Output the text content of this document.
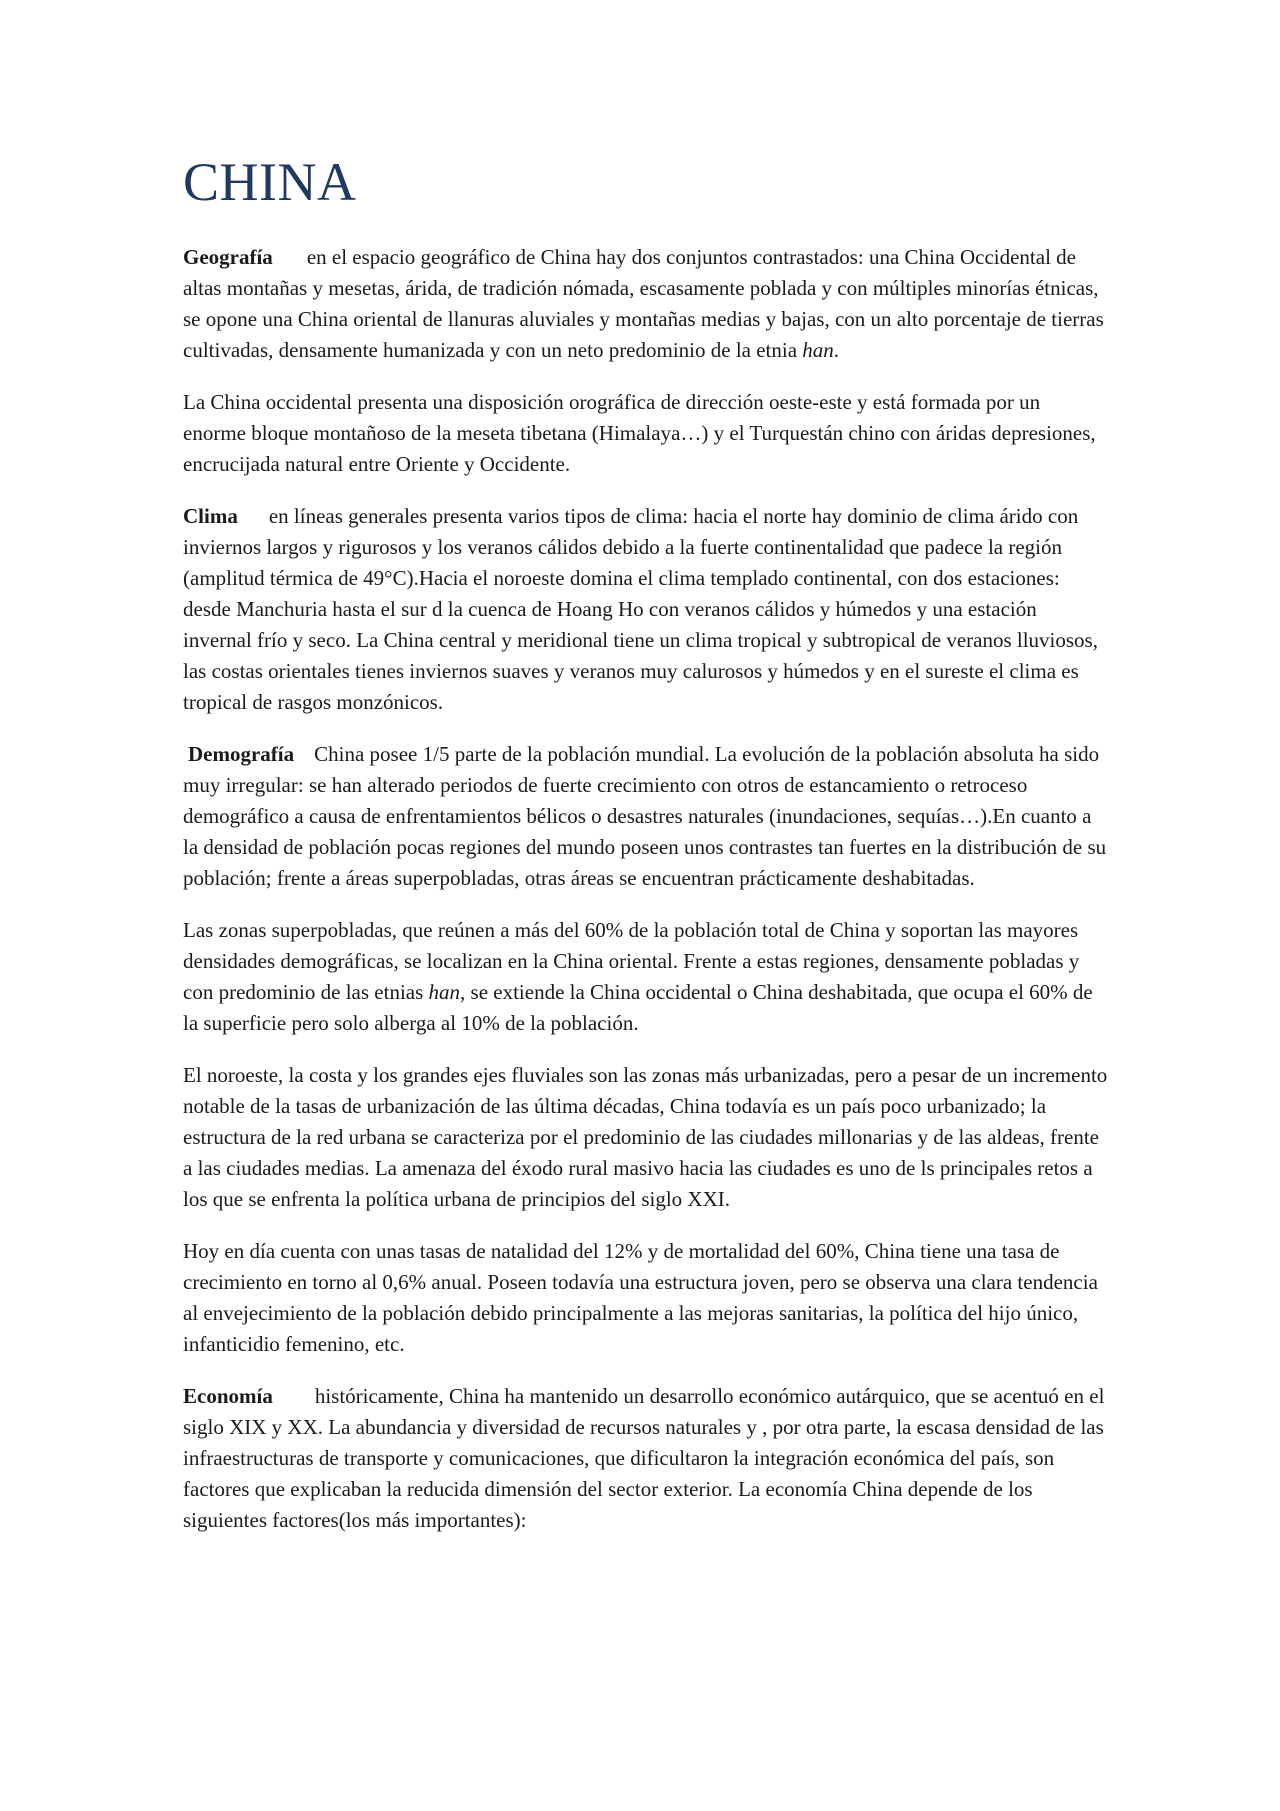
CHINA

Geografía en el espacio geográfico de China hay dos conjuntos contrastados: una China Occidental de altas montañas y mesetas, árida, de tradición nómada, escasamente poblada y con múltiples minorías étnicas, se opone una China oriental de llanuras aluviales y montañas medias y bajas, con un alto porcentaje de tierras cultivadas, densamente humanizada y con un neto predominio de la etnia han.

La China occidental presenta una disposición orográfica de dirección oeste-este y está formada por un enorme bloque montañoso de la meseta tibetana (Himalaya…) y el Turquestán chino con áridas depresiones, encrucijada natural entre Oriente y Occidente.

Clima en líneas generales presenta varios tipos de clima: hacia el norte hay dominio de clima árido con inviernos largos y rigurosos y los veranos cálidos debido a la fuerte continentalidad que padece la región (amplitud térmica de 49°C).Hacia el noroeste domina el clima templado continental, con dos estaciones: desde Manchuria hasta el sur d la cuenca de Hoang Ho con veranos cálidos y húmedos y una estación invernal frío y seco. La China central y meridional tiene un clima tropical y subtropical de veranos lluviosos, las costas orientales tienes inviernos suaves y veranos muy calurosos y húmedos y en el sureste el clima es tropical de rasgos monzónicos.

Demografía China posee 1/5 parte de la población mundial. La evolución de la población absoluta ha sido muy irregular: se han alterado periodos de fuerte crecimiento con otros de estancamiento o retroceso demográfico a causa de enfrentamientos bélicos o desastres naturales (inundaciones, sequías…).En cuanto a la densidad de población pocas regiones del mundo poseen unos contrastes tan fuertes en la distribución de su población; frente a áreas superpobladas, otras áreas se encuentran prácticamente deshabitadas.

Las zonas superpobladas, que reúnen a más del 60% de la población total de China y soportan las mayores densidades demográficas, se localizan en la China oriental. Frente a estas regiones, densamente pobladas y con predominio de las etnias han, se extiende la China occidental o China deshabitada, que ocupa el 60% de la superficie pero solo alberga al 10% de la población.

El noroeste, la costa y los grandes ejes fluviales son las zonas más urbanizadas, pero a pesar de un incremento notable de la tasas de urbanización de las última décadas, China todavía es un país poco urbanizado; la estructura de la red urbana se caracteriza por el predominio de las ciudades millonarias y de las aldeas, frente a las ciudades medias. La amenaza del éxodo rural masivo hacia las ciudades es uno de ls principales retos a los que se enfrenta la política urbana de principios del siglo XXI.

Hoy en día cuenta con unas tasas de natalidad del 12% y de mortalidad del 60%, China tiene una tasa de crecimiento en torno al 0,6% anual. Poseen todavía una estructura joven, pero se observa una clara tendencia al envejecimiento de la población debido principalmente a las mejoras sanitarias, la política del hijo único, infanticidio femenino, etc.

Economía históricamente, China ha mantenido un desarrollo económico autárquico, que se acentuó en el siglo XIX y XX. La abundancia y diversidad de recursos naturales y , por otra parte, la escasa densidad de las infraestructuras de transporte y comunicaciones, que dificultaron la integración económica del país, son factores que explicaban la reducida dimensión del sector exterior. La economía China depende de los siguientes factores(los más importantes):
